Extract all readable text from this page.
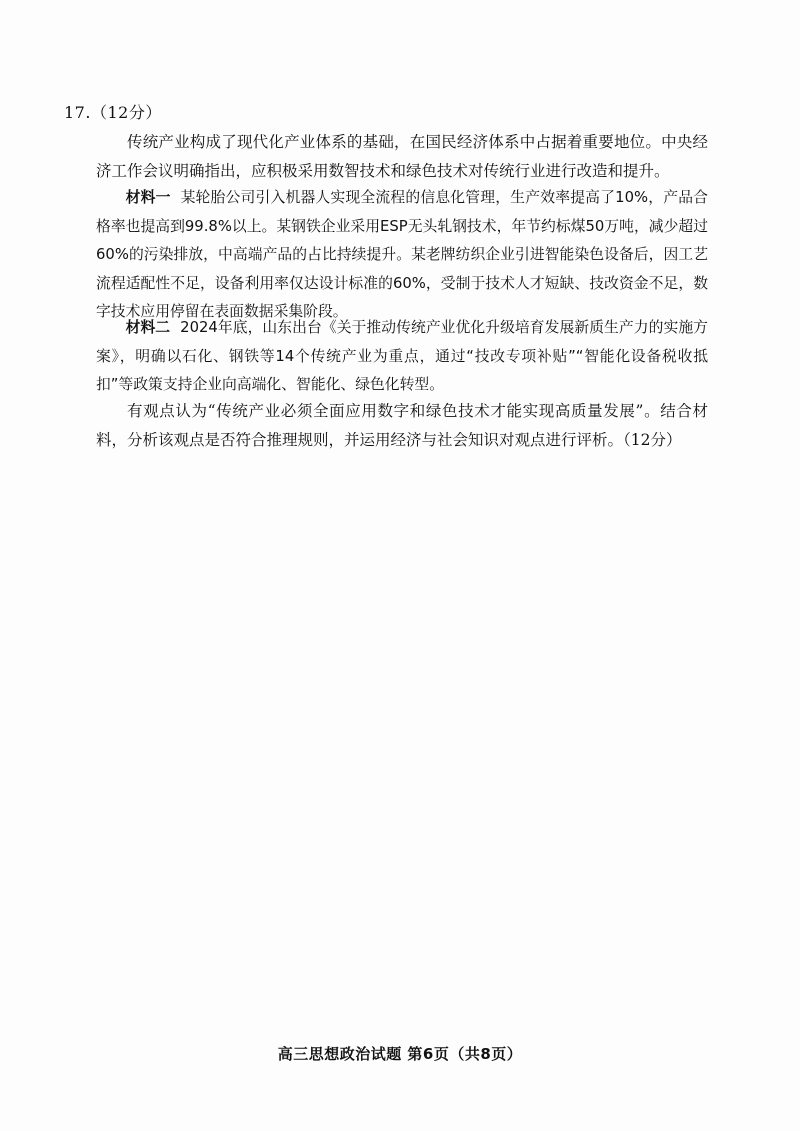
17.（12分）

传统产业构成了现代化产业体系的基础，在国民经济体系中占据着重要地位。中央经济工作会议明确指出，应积极采用数智技术和绿色技术对传统行业进行改造和提升。

材料一 某轮胎公司引入机器人实现全流程的信息化管理，生产效率提高了10%，产品合格率也提高到99.8%以上。某钢铁企业采用ESP无头轧钢技术，年节约标煤50万吨，减少超过60%的污染排放，中高端产品的占比持续提升。某老牌纺织企业引进智能染色设备后，因工艺流程适配性不足，设备利用率仅达设计标准的60%，受制于技术人才短缺、技改资金不足，数字技术应用停留在表面数据采集阶段。

材料二 2024年底，山东出台《关于推动传统产业优化升级培育发展新质生产力的实施方案》，明确以石化、钢铁等14个传统产业为重点，通过“技改专项补贴”“智能化设备税收抵扣”等政策支持企业向高端化、智能化、绿色化转型。

有观点认为“传统产业必须全面应用数字和绿色技术才能实现高质量发展”。结合材料，分析该观点是否符合推理规则，并运用经济与社会知识对观点进行评析。（12分）

高三思想政治试题 第6页（共8页）
